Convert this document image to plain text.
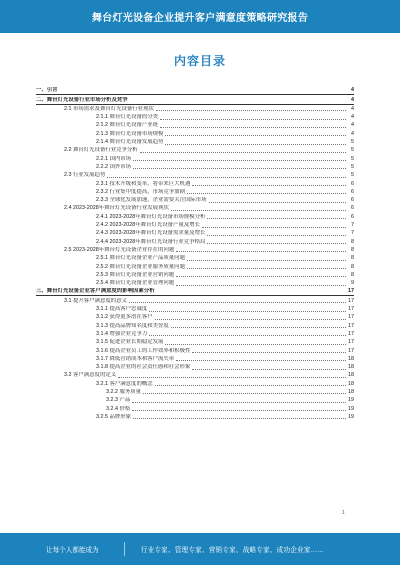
舞台灯光设备企业提升客户满意度策略研究报告
内容目录
一、引言	4
二、舞台灯光设备行业市场分析及竞争	4
2.1 市场需求及舞台灯光设备行业现状	4
2.1.1 舞台灯光设备的分类	4
2.1.2 舞台灯光设备产业链	4
2.1.3 舞台灯光设备市场规模	4
2.1.4 舞台灯光设备发展趋势	5
2.2 舞台灯光设备行业竞争分析	5
2.2.1 国内市场	5
2.2.2 国外市场	5
2.3 行业发展趋势	5
2.3.1 技术升级和变革，将带来巨大机遇	6
2.3.2 行业集中度提高，市场竞争加剧	6
2.3.3 全球化发展加速，企业需要关注国际市场	6
2.4 2023-2028年舞台灯光设备行业发展现状	6
2.4.1 2023-2028年舞台灯光设备市场规模分析	6
2.4.2 2023-2028年舞台灯光设备产量及增长	7
2.4.3 2023-2028年舞台灯光设备需求量及增长	7
2.4.4 2023-2028年舞台灯光设备行业竞争格局	8
2.5 2023-2028年舞台灯光设备企业存在的问题	8
2.5.1 舞台灯光设备企业产品质量问题	8
2.5.2 舞台灯光设备企业服务质量问题	8
2.5.3 舞台灯光设备企业营销问题	8
2.5.4 舞台灯光设备企业管理问题	9
三、舞台灯光设备企业客户满意度的影响因素分析	17
3.1 提升客户满意度的意义	17
3.1.1 提高客户忠诚度	17
3.1.2 获得更多潜在客户	17
3.1.3 提高品牌知名度和美誉度	17
3.1.4 增强企业竞争力	17
3.1.5 促进企业长期稳定发展	17
3.1.6 提高企业员工的工作效率和积极性	17
3.1.7 降低营销成本和客户流失率	18
3.1.8 提高企业的社会责任感和社会形象	18
3.2 客户满意度的定义	18
3.2.1 客户满意度的概念	18
3.2.2 服务质量	18
3.2.3 产品	19
3.2.4 价格	19
3.2.5 品牌形象	19
1
让每个人都能成为	行业专家、管理专家、营销专家、战略专家、成功企业家……
